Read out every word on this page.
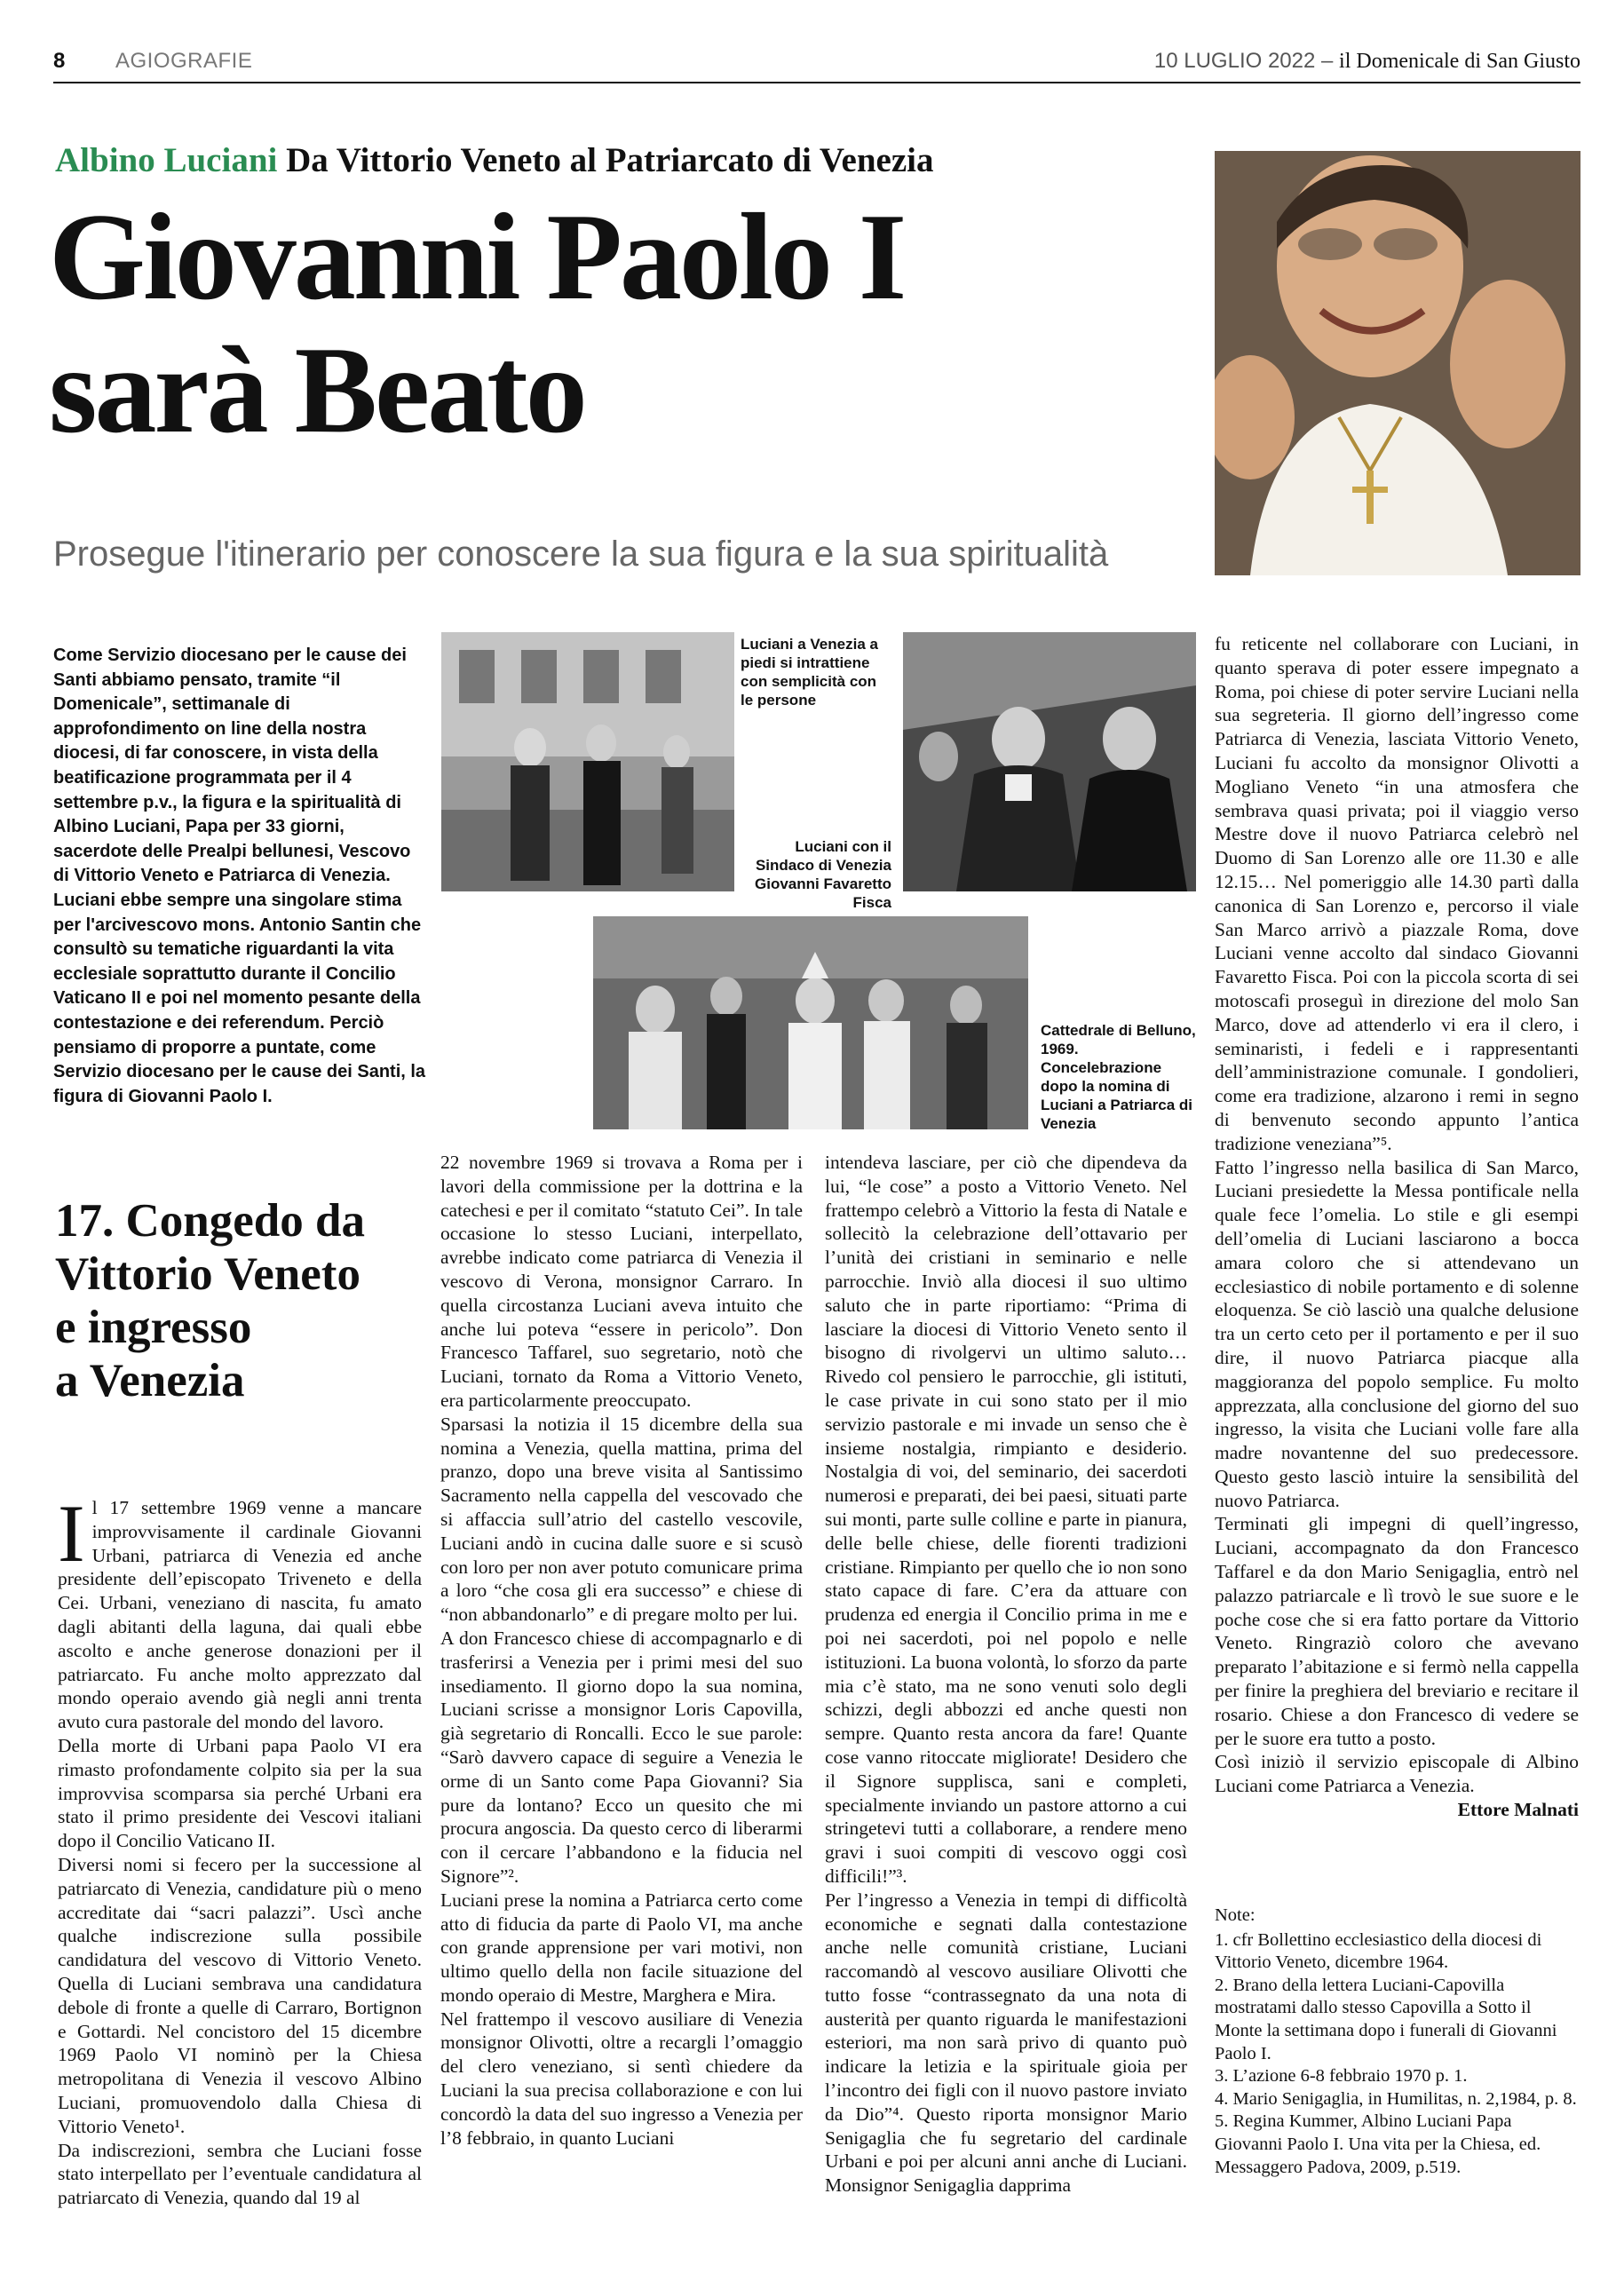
8 AGIOGRAFIE	10 LUGLIO 2022 – il Domenicale di San Giusto
Albino Luciani Da Vittorio Veneto al Patriarcato di Venezia
Giovanni Paolo I
sarà Beato
Prosegue l'itinerario per conoscere la sua figura e la sua spiritualità
Come Servizio diocesano per le cause dei Santi abbiamo pensato, tramite “il Domenicale”, settimanale di approfondimento on line della nostra diocesi, di far conoscere, in vista della beatificazione programmata per il 4 settembre p.v., la figura e la spiritualità di Albino Luciani, Papa per 33 giorni, sacerdote delle Prealpi bellunesi, Vescovo di Vittorio Veneto e Patriarca di Venezia. Luciani ebbe sempre una singolare stima per l'arcivescovo mons. Antonio Santin che consultò su tematiche riguardanti la vita ecclesiale soprattutto durante il Concilio Vaticano II e poi nel momento pesante della contestazione e dei referendum. Perciò pensiamo di proporre a puntate, come Servizio diocesano per le cause dei Santi, la figura di Giovanni Paolo I.
Luciani a Venezia a piedi si intrattiene con semplicità con le persone
Luciani con il Sindaco di Venezia Giovanni Favaretto Fisca
Cattedrale di Belluno, 1969. Concelebrazione dopo la nomina di Luciani a Patriarca di Venezia
17. Congedo da
Vittorio Veneto
e ingresso
a Venezia

Il 17 settembre 1969 venne a mancare improvvisamente il cardinale Giovanni Urbani, patriarca di Venezia ed anche presidente dell’episcopato Triveneto e della Cei. Urbani, veneziano di nascita, fu amato dagli abitanti della laguna, dai quali ebbe ascolto e anche generose donazioni per il patriarcato. Fu anche molto apprezzato dal mondo operaio avendo già negli anni trenta avuto cura pastorale del mondo del lavoro.

Della morte di Urbani papa Paolo VI era rimasto profondamente colpito sia per la sua improvvisa scomparsa sia perché Urbani era stato il primo presidente dei Vescovi italiani dopo il Concilio Vaticano II.

Diversi nomi si fecero per la successione al patriarcato di Venezia, candidature più o meno accreditate dai “sacri palazzi”. Uscì anche qualche indiscrezione sulla possibile candidatura del vescovo di Vittorio Veneto. Quella di Luciani sembrava una candidatura debole di fronte a quelle di Carraro, Bortignon e Gottardi. Nel concistoro del 15 dicembre 1969 Paolo VI nominò per la Chiesa metropolitana di Venezia il vescovo Albino Luciani, promuovendolo dalla Chiesa di Vittorio Veneto¹.

Da indiscrezioni, sembra che Luciani fosse stato interpellato per l’eventuale candidatura al patriarcato di Venezia, quando dal 19 al

22 novembre 1969 si trovava a Roma per i lavori della commissione per la dottrina e la catechesi e per il comitato “statuto Cei”. In tale occasione lo stesso Luciani, interpellato, avrebbe indicato come patriarca di Venezia il vescovo di Verona, monsignor Carraro. In quella circostanza Luciani aveva intuito che anche lui poteva “essere in pericolo”. Don Francesco Taffarel, suo segretario, notò che Luciani, tornato da Roma a Vittorio Veneto, era particolarmente preoccupato.

Sparsasi la notizia il 15 dicembre della sua nomina a Venezia, quella mattina, prima del pranzo, dopo una breve visita al Santissimo Sacramento nella cappella del vescovado che si affaccia sull’atrio del castello vescovile, Luciani andò in cucina dalle suore e si scusò con loro per non aver potuto comunicare prima a loro “che cosa gli era successo” e chiese di “non abbandonarlo” e di pregare molto per lui.

A don Francesco chiese di accompagnarlo e di trasferirsi a Venezia per i primi mesi del suo insediamento. Il giorno dopo la sua nomina, Luciani scrisse a monsignor Loris Capovilla, già segretario di Roncalli. Ecco le sue parole: “Sarò davvero capace di seguire a Venezia le orme di un Santo come Papa Giovanni? Sia pure da lontano? Ecco un quesito che mi procura angoscia. Da questo cerco di liberarmi con il cercare l’abbandono e la fiducia nel Signore”².

Luciani prese la nomina a Patriarca certo come atto di fiducia da parte di Paolo VI, ma anche con grande apprensione per vari motivi, non ultimo quello della non facile situazione del mondo operaio di Mestre, Marghera e Mira.

Nel frattempo il vescovo ausiliare di Venezia monsignor Olivotti, oltre a recargli l’omaggio del clero veneziano, si sentì chiedere da Luciani la sua precisa collaborazione e con lui concordò la data del suo ingresso a Venezia per l’8 febbraio, in quanto Luciani

intendeva lasciare, per ciò che dipendeva da lui, “le cose” a posto a Vittorio Veneto. Nel frattempo celebrò a Vittorio la festa di Natale e sollecitò la celebrazione dell’ottavario per l’unità dei cristiani in seminario e nelle parrocchie. Inviò alla diocesi il suo ultimo saluto che in parte riportiamo: “Prima di lasciare la diocesi di Vittorio Veneto sento il bisogno di rivolgervi un ultimo saluto… Rivedo col pensiero le parrocchie, gli istituti, le case private in cui sono stato per il mio servizio pastorale e mi invade un senso che è insieme nostalgia, rimpianto e desiderio. Nostalgia di voi, del seminario, dei sacerdoti numerosi e preparati, dei bei paesi, situati parte sui monti, parte sulle colline e parte in pianura, delle belle chiese, delle fiorenti tradizioni cristiane. Rimpianto per quello che io non sono stato capace di fare. C’era da attuare con prudenza ed energia il Concilio prima in me e poi nei sacerdoti, poi nel popolo e nelle istituzioni. La buona volontà, lo sforzo da parte mia c’è stato, ma ne sono venuti solo degli schizzi, degli abbozzi ed anche questi non sempre. Quanto resta ancora da fare! Quante cose vanno ritoccate migliorate! Desidero che il Signore supplisca, sani e completi, specialmente inviando un pastore attorno a cui stringetevi tutti a collaborare, a rendere meno gravi i suoi compiti di vescovo oggi così difficili!”³.

Per l’ingresso a Venezia in tempi di difficoltà economiche e segnati dalla contestazione anche nelle comunità cristiane, Luciani raccomandò al vescovo ausiliare Olivotti che tutto fosse “contrassegnato da una nota di austerità per quanto riguarda le manifestazioni esteriori, ma non sarà privo di quanto può indicare la letizia e la spirituale gioia per l’incontro dei figli con il nuovo pastore inviato da Dio”⁴. Questo riporta monsignor Mario Senigaglia che fu segretario del cardinale Urbani e poi per alcuni anni anche di Luciani. Monsignor Senigaglia dapprima

fu reticente nel collaborare con Luciani, in quanto sperava di poter essere impegnato a Roma, poi chiese di poter servire Luciani nella sua segreteria. Il giorno dell’ingresso come Patriarca di Venezia, lasciata Vittorio Veneto, Luciani fu accolto da monsignor Olivotti a Mogliano Veneto “in una atmosfera che sembrava quasi privata; poi il viaggio verso Mestre dove il nuovo Patriarca celebrò nel Duomo di San Lorenzo alle ore 11.30 e alle 12.15… Nel pomeriggio alle 14.30 partì dalla canonica di San Lorenzo e, percorso il viale San Marco arrivò a piazzale Roma, dove Luciani venne accolto dal sindaco Giovanni Favaretto Fisca. Poi con la piccola scorta di sei motoscafi proseguì in direzione del molo San Marco, dove ad attenderlo vi era il clero, i seminaristi, i fedeli e i rappresentanti dell’amministrazione comunale. I gondolieri, come era tradizione, alzarono i remi in segno di benvenuto secondo appunto l’antica tradizione veneziana”⁵.

Fatto l’ingresso nella basilica di San Marco, Luciani presiedette la Messa pontificale nella quale fece l’omelia. Lo stile e gli esempi dell’omelia di Luciani lasciarono a bocca amara coloro che si attendevano un ecclesiastico di nobile portamento e di solenne eloquenza. Se ciò lasciò una qualche delusione tra un certo ceto per il portamento e per il suo dire, il nuovo Patriarca piacque alla maggioranza del popolo semplice. Fu molto apprezzata, alla conclusione del giorno del suo ingresso, la visita che Luciani volle fare alla madre novantenne del suo predecessore. Questo gesto lasciò intuire la sensibilità del nuovo Patriarca.

Terminati gli impegni di quell’ingresso, Luciani, accompagnato da don Francesco Taffarel e da don Mario Senigaglia, entrò nel palazzo patriarcale e lì trovò le sue suore e le poche cose che si era fatto portare da Vittorio Veneto. Ringraziò coloro che avevano preparato l’abitazione e si fermò nella cappella per finire la preghiera del breviario e recitare il rosario. Chiese a don Francesco di vedere se per le suore era tutto a posto.

Così iniziò il servizio episcopale di Albino Luciani come Patriarca a Venezia.

Ettore Malnati

Note:

1. cfr Bollettino ecclesiastico della diocesi di Vittorio Veneto, dicembre 1964.

2. Brano della lettera Luciani-Capovilla mostratami dallo stesso Capovilla a Sotto il Monte la settimana dopo i funerali di Giovanni Paolo I.

3. L’azione 6-8 febbraio 1970 p. 1.

4. Mario Senigaglia, in Humilitas, n. 2,1984, p. 8.

5. Regina Kummer, Albino Luciani Papa Giovanni Paolo I. Una vita per la Chiesa, ed. Messaggero Padova, 2009, p.519.
